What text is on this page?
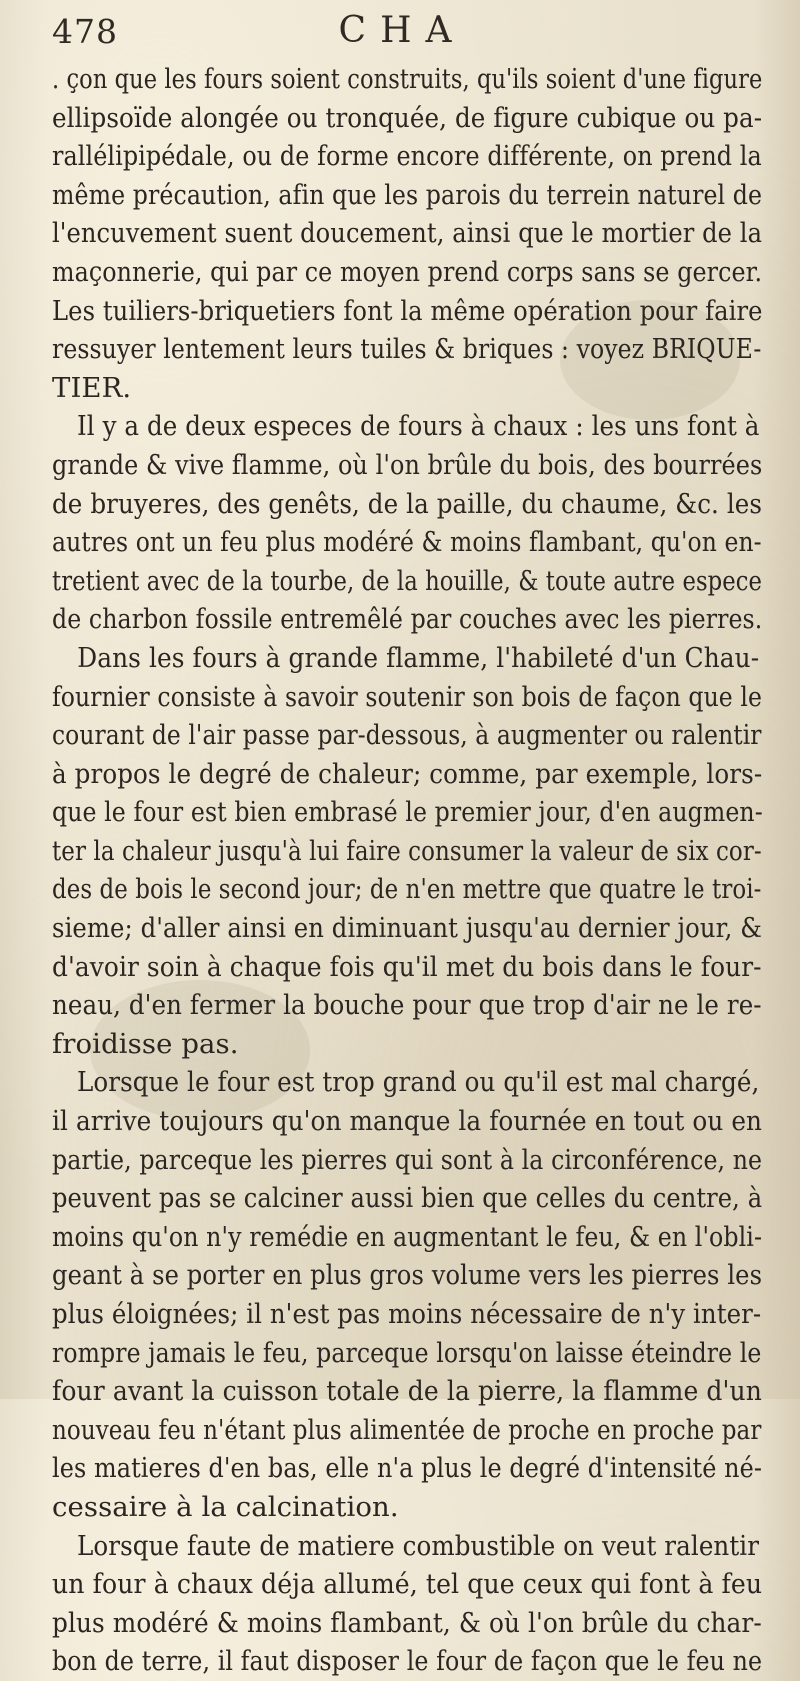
478	CHA
. çon que les fours soient construits, qu'ils soient d'une figure
ellipsoïde alongée ou tronquée, de figure cubique ou pa-
rallélipipédale, ou de forme encore différente, on prend la
même précaution, afin que les parois du terrein naturel de
l'encuvement suent doucement, ainsi que le mortier de la
maçonnerie, qui par ce moyen prend corps sans se gercer.
Les tuiliers-briquetiers font la même opération pour faire
ressuyer lentement leurs tuiles & briques : voyez BRIQUE-
TIER.
Il y a de deux especes de fours à chaux : les uns font à
grande & vive flamme, où l'on brûle du bois, des bourrées
de bruyeres, des genêts, de la paille, du chaume, &c. les
autres ont un feu plus modéré & moins flambant, qu'on en-
tretient avec de la tourbe, de la houille, & toute autre espece
de charbon fossile entremêlé par couches avec les pierres.
Dans les fours à grande flamme, l'habileté d'un Chau-
fournier consiste à savoir soutenir son bois de façon que le
courant de l'air passe par-dessous, à augmenter ou ralentir
à propos le degré de chaleur; comme, par exemple, lors-
que le four est bien embrasé le premier jour, d'en augmen-
ter la chaleur jusqu'à lui faire consumer la valeur de six cor-
des de bois le second jour; de n'en mettre que quatre le troi-
sieme; d'aller ainsi en diminuant jusqu'au dernier jour, &
d'avoir soin à chaque fois qu'il met du bois dans le four-
neau, d'en fermer la bouche pour que trop d'air ne le re-
froidisse pas.
Lorsque le four est trop grand ou qu'il est mal chargé,
il arrive toujours qu'on manque la fournée en tout ou en
partie, parceque les pierres qui sont à la circonférence, ne
peuvent pas se calciner aussi bien que celles du centre, à
moins qu'on n'y remédie en augmentant le feu, & en l'obli-
geant à se porter en plus gros volume vers les pierres les
plus éloignées; il n'est pas moins nécessaire de n'y inter-
rompre jamais le feu, parceque lorsqu'on laisse éteindre le
four avant la cuisson totale de la pierre, la flamme d'un
nouveau feu n'étant plus alimentée de proche en proche par
les matieres d'en bas, elle n'a plus le degré d'intensité né-
cessaire à la calcination.
Lorsque faute de matiere combustible on veut ralentir
un four à chaux déja allumé, tel que ceux qui font à feu
plus modéré & moins flambant, & où l'on brûle du char-
bon de terre, il faut disposer le four de façon que le feu ne
